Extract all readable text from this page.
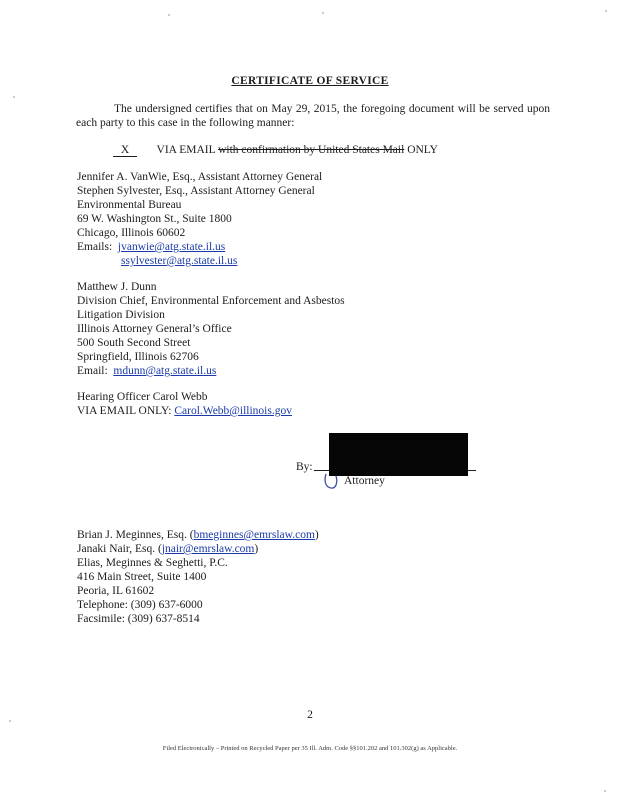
CERTIFICATE OF SERVICE
The undersigned certifies that on May 29, 2015, the foregoing document will be served upon each party to this case in the following manner:
X VIA EMAIL with confirmation by United States Mail ONLY
Jennifer A. VanWie, Esq., Assistant Attorney General
Stephen Sylvester, Esq., Assistant Attorney General
Environmental Bureau
69 W. Washington St., Suite 1800
Chicago, Illinois 60602
Emails: jvanwie@atg.state.il.us
ssylvester@atg.state.il.us
Matthew J. Dunn
Division Chief, Environmental Enforcement and Asbestos
Litigation Division
Illinois Attorney General’s Office
500 South Second Street
Springfield, Illinois 62706
Email: mdunn@atg.state.il.us
Hearing Officer Carol Webb
VIA EMAIL ONLY: Carol.Webb@illinois.gov
By:
Attorney
Brian J. Meginnes, Esq. (bmeginnes@emrslaw.com)
Janaki Nair, Esq. (jnair@emrslaw.com)
Elias, Meginnes & Seghetti, P.C.
416 Main Street, Suite 1400
Peoria, IL 61602
Telephone: (309) 637-6000
Facsimile: (309) 637-8514
2
Filed Electronically – Printed on Recycled Paper per 35 Ill. Adm. Code §§101.202 and 101.302(g) as Applicable.
